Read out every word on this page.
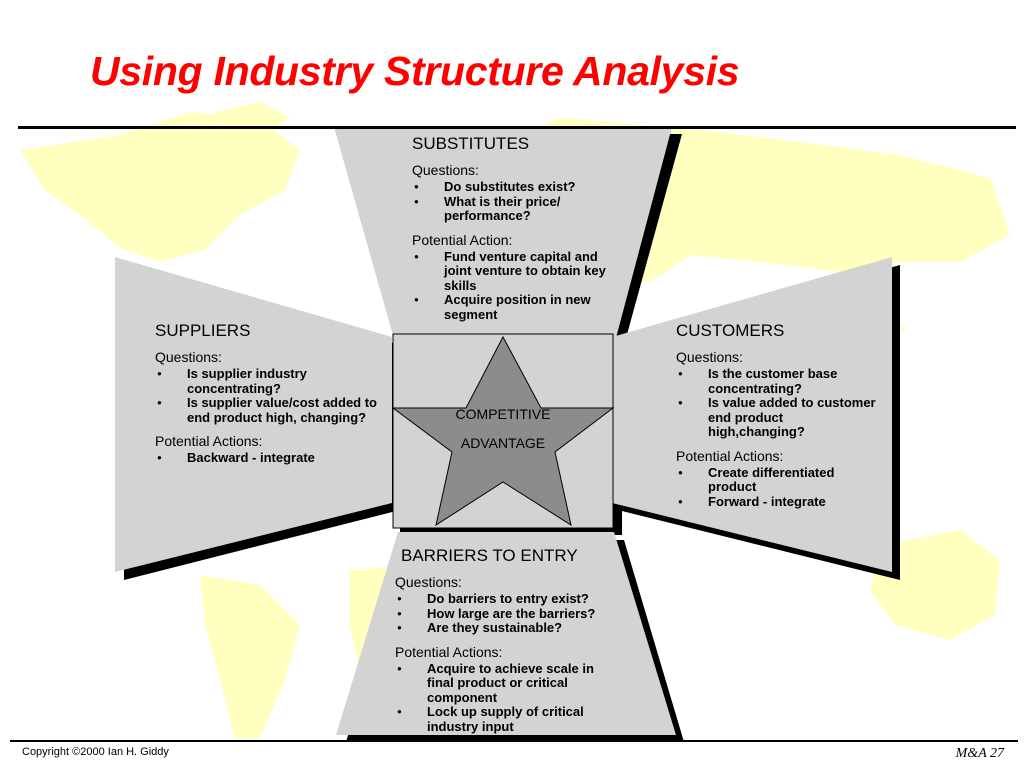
Using Industry Structure Analysis
SUBSTITUTES
Questions:
● Do substitutes exist?
● What is their price/ performance?
Potential Action:
● Fund venture capital and joint venture to obtain key skills
● Acquire position in new segment
SUPPLIERS
Questions:
● Is supplier industry concentrating?
● Is supplier value/cost added to end product high, changing?
Potential Actions:
● Backward - integrate
CUSTOMERS
Questions:
● Is the customer base concentrating?
● Is value added to customer end product high,changing?
Potential Actions:
● Create differentiated product
● Forward - integrate
COMPETITIVE
ADVANTAGE
BARRIERS TO ENTRY
Questions:
● Do barriers to entry exist?
● How large are the barriers?
● Are they sustainable?
Potential Actions:
● Acquire to achieve scale in final product or critical component
● Lock up supply of critical industry input
Copyright ©2000 Ian H. Giddy	M&A 27
